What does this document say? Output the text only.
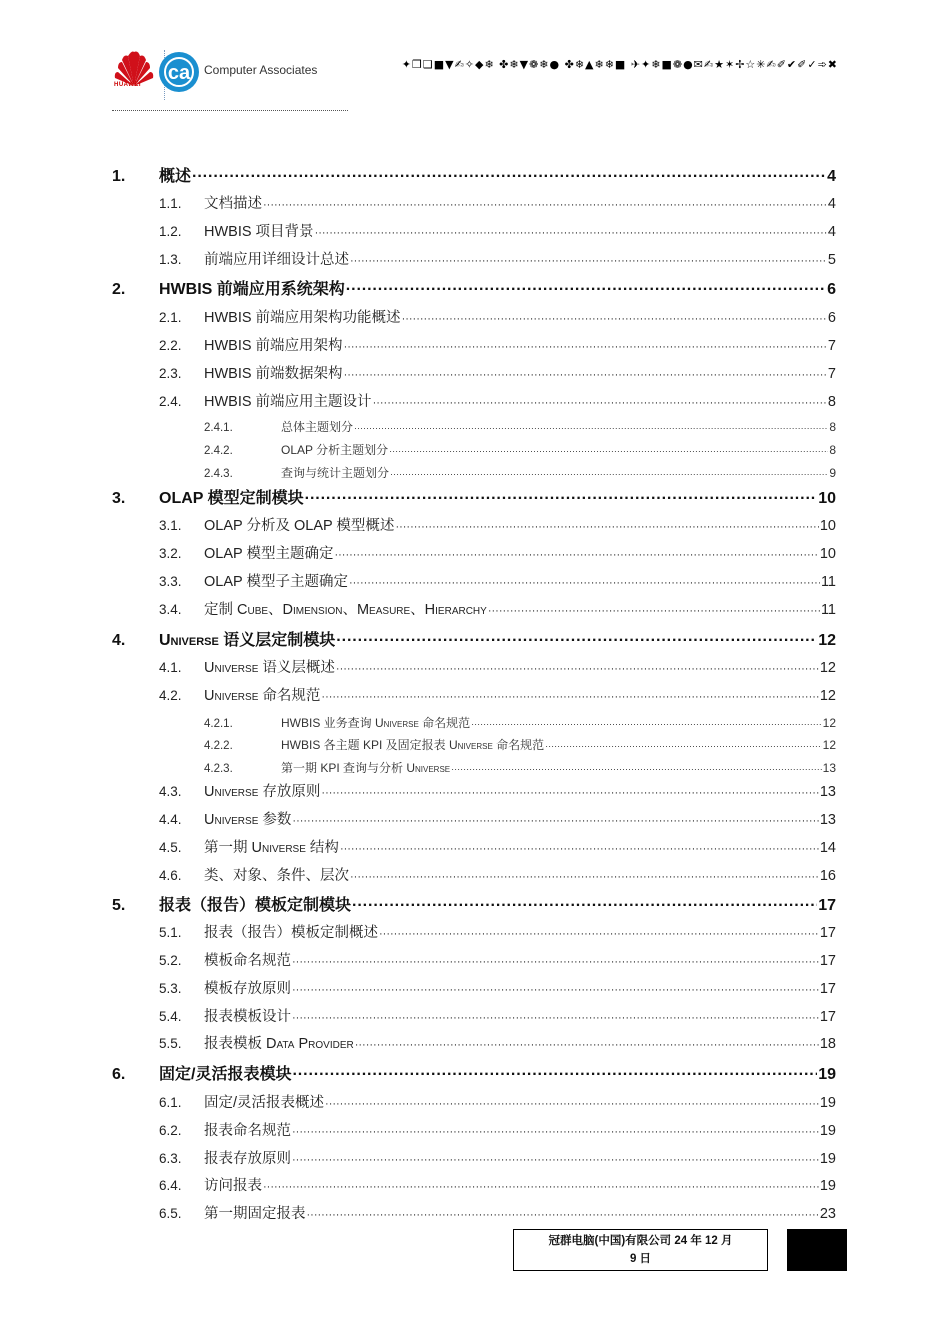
HUAWEI
ca Computer Associates	✦❒❑■▼✍✧◆❄ ✤❄▼❁❄● ✤❄▲❄❄■ ✈✦❄■❁●✉✍★✶✢☆✳✍✐✔✐✓➾✖
1.	概述 ·····	4
1.1.	文档描述 ·····	4
1.2.	HWBIS 项目背景 ·····	4
1.3.	前端应用详细设计总述 ·····	5
2.	HWBIS 前端应用系统架构 ·····	6
2.1.	HWBIS 前端应用架构功能概述 ·····	6
2.2.	HWBIS 前端应用架构 ·····	7
2.3.	HWBIS 前端数据架构 ·····	7
2.4.	HWBIS 前端应用主题设计 ·····	8
2.4.1.	总体主题划分 ·····	8
2.4.2.	OLAP 分析主题划分 ·····	8
2.4.3.	查询与统计主题划分 ·····	9
3.	OLAP 模型定制模块 ·····	10
3.1.	OLAP 分析及 OLAP 模型概述 ·····	10
3.2.	OLAP 模型主题确定 ·····	10
3.3.	OLAP 模型子主题确定 ·····	11
3.4.	定制 Cube、Dimension、Measure、Hierarchy ·····	11
4.	Universe 语义层定制模块 ·····	12
4.1.	Universe 语义层概述 ·····	12
4.2.	Universe 命名规范 ·····	12
4.2.1.	HWBIS 业务查询 Universe 命名规范 ·····	12
4.2.2.	HWBIS 各主题 KPI 及固定报表 Universe 命名规范 ·····	12
4.2.3.	第一期 KPI 查询与分析 Universe ·····	13
4.3.	Universe 存放原则 ·····	13
4.4.	Universe 参数 ·····	13
4.5.	第一期 Universe 结构 ·····	14
4.6.	类、对象、条件、层次 ·····	16
5.	报表（报告）模板定制模块 ·····	17
5.1.	报表（报告）模板定制概述 ·····	17
5.2.	模板命名规范 ·····	17
5.3.	模板存放原则 ·····	17
5.4.	报表模板设计 ·····	17
5.5.	报表模板 Data Provider ·····	18
6.	固定/灵活报表模块 ·····	19
6.1.	固定/灵活报表概述 ·····	19
6.2.	报表命名规范 ·····	19
6.3.	报表存放原则 ·····	19
6.4.	访问报表 ·····	19
6.5.	第一期固定报表 ·····	23
冠群电脑(中国)有限公司 24 年 12 月
9 日
